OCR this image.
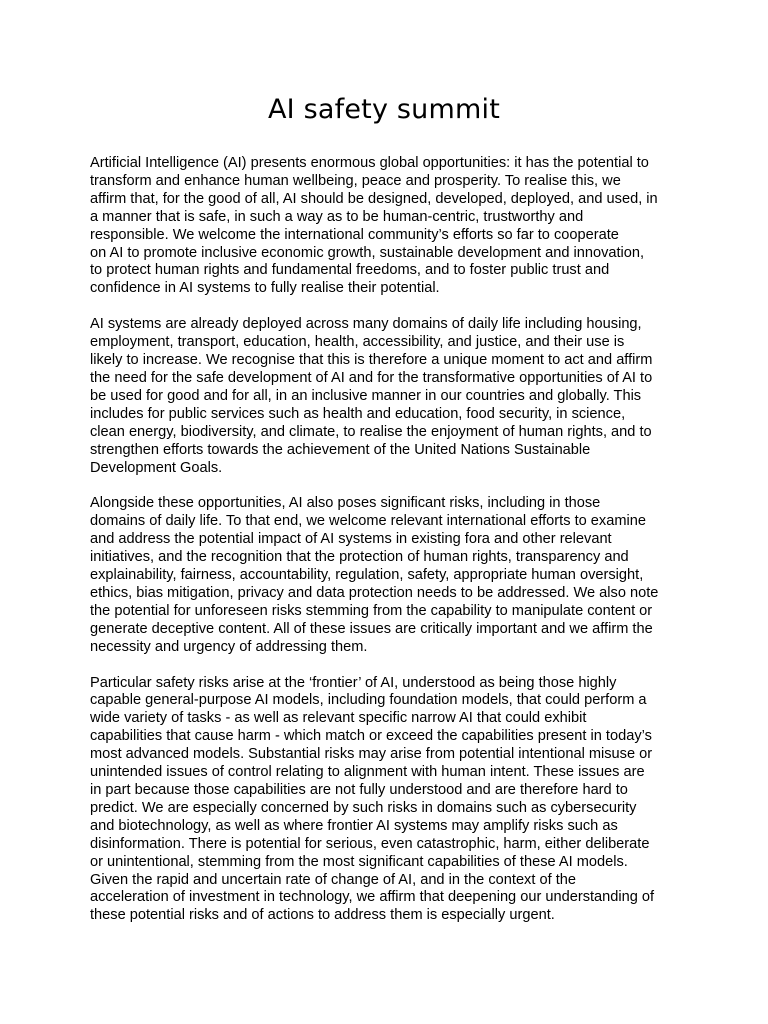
AI safety summit

Artificial Intelligence (AI) presents enormous global opportunities: it has the potential to
transform and enhance human wellbeing, peace and prosperity. To realise this, we
affirm that, for the good of all, AI should be designed, developed, deployed, and used, in
a manner that is safe, in such a way as to be human-centric, trustworthy and
responsible. We welcome the international community’s efforts so far to cooperate
on AI to promote inclusive economic growth, sustainable development and innovation,
to protect human rights and fundamental freedoms, and to foster public trust and
confidence in AI systems to fully realise their potential.

AI systems are already deployed across many domains of daily life including housing,
employment, transport, education, health, accessibility, and justice, and their use is
likely to increase. We recognise that this is therefore a unique moment to act and affirm
the need for the safe development of AI and for the transformative opportunities of AI to
be used for good and for all, in an inclusive manner in our countries and globally. This
includes for public services such as health and education, food security, in science,
clean energy, biodiversity, and climate, to realise the enjoyment of human rights, and to
strengthen efforts towards the achievement of the United Nations Sustainable
Development Goals.

Alongside these opportunities, AI also poses significant risks, including in those
domains of daily life. To that end, we welcome relevant international efforts to examine
and address the potential impact of AI systems in existing fora and other relevant
initiatives, and the recognition that the protection of human rights, transparency and
explainability, fairness, accountability, regulation, safety, appropriate human oversight,
ethics, bias mitigation, privacy and data protection needs to be addressed. We also note
the potential for unforeseen risks stemming from the capability to manipulate content or
generate deceptive content. All of these issues are critically important and we affirm the
necessity and urgency of addressing them.

Particular safety risks arise at the ‘frontier’ of AI, understood as being those highly
capable general-purpose AI models, including foundation models, that could perform a
wide variety of tasks - as well as relevant specific narrow AI that could exhibit
capabilities that cause harm - which match or exceed the capabilities present in today’s
most advanced models. Substantial risks may arise from potential intentional misuse or
unintended issues of control relating to alignment with human intent. These issues are
in part because those capabilities are not fully understood and are therefore hard to
predict. We are especially concerned by such risks in domains such as cybersecurity
and biotechnology, as well as where frontier AI systems may amplify risks such as
disinformation. There is potential for serious, even catastrophic, harm, either deliberate
or unintentional, stemming from the most significant capabilities of these AI models.
Given the rapid and uncertain rate of change of AI, and in the context of the
acceleration of investment in technology, we affirm that deepening our understanding of
these potential risks and of actions to address them is especially urgent.
